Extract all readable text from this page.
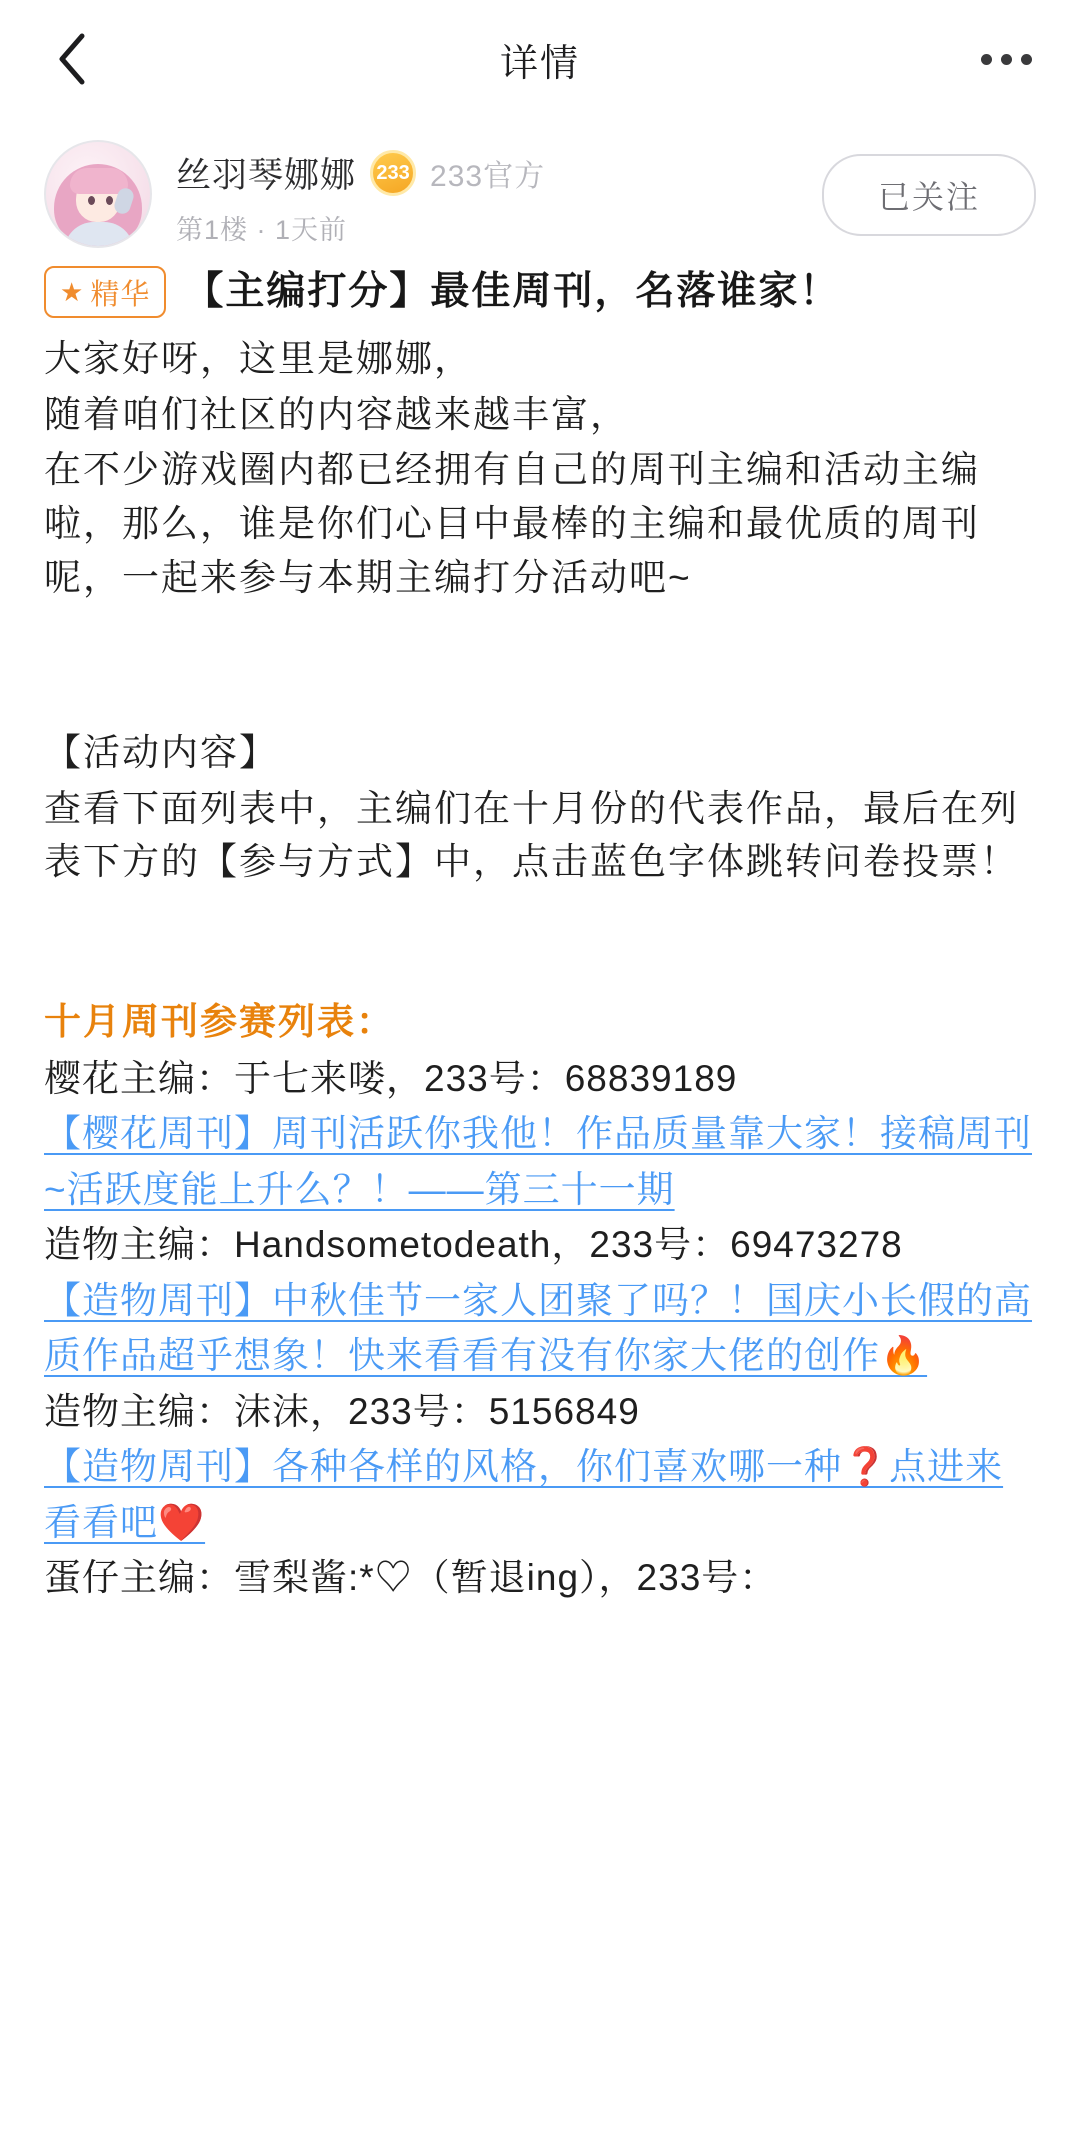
详情
丝羽琴娜娜	233 233官方
第1楼 · 1天前
已关注
★ 精华 【主编打分】最佳周刊，名落谁家！

大家好呀，这里是娜娜，

随着咱们社区的内容越来越丰富，

在不少游戏圈内都已经拥有自己的周刊主编和活动主编啦，那么，谁是你们心目中最棒的主编和最优质的周刊呢，一起来参与本期主编打分活动吧~

【活动内容】

查看下面列表中，主编们在十月份的代表作品，最后在列表下方的【参与方式】中，点击蓝色字体跳转问卷投票！

十月周刊参赛列表：
樱花主编：于七来喽，233号：68839189
【樱花周刊】周刊活跃你我他！作品质量靠大家！接稿周刊~活跃度能上升么？！——第三十一期
造物主编：Handsometodeath，233号：69473278
【造物周刊】中秋佳节一家人团聚了吗？！国庆小长假的高质作品超乎想象！快来看看有没有你家大佬的创作🔥
造物主编：沫沫，233号：5156849
【造物周刊】各种各样的风格，你们喜欢哪一种❓点进来看看吧❤️
蛋仔主编：雪梨酱:*♡（暂退ing），233号：
